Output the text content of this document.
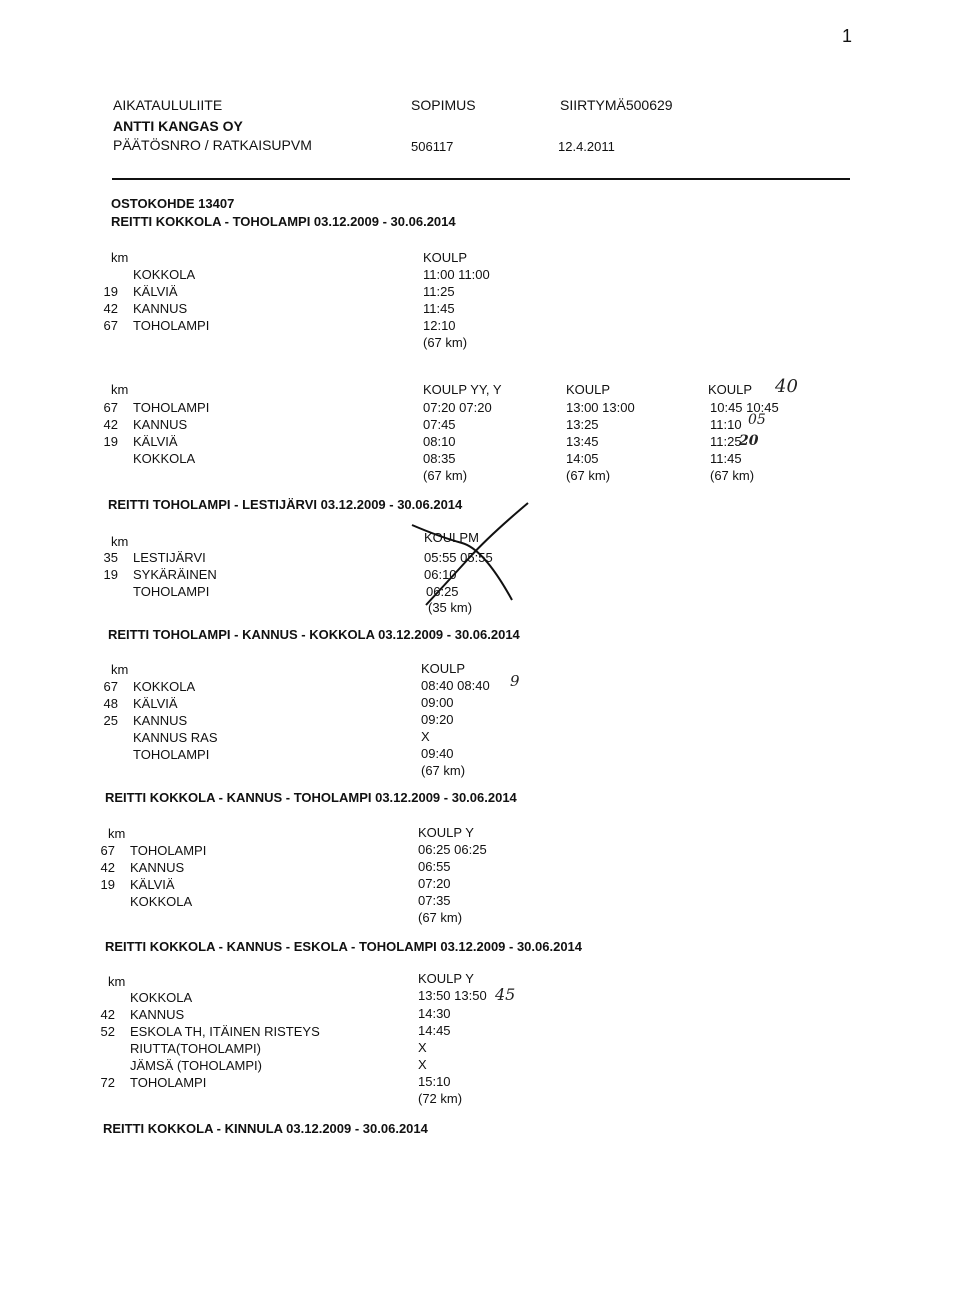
1
AIKATAULULIITE	SOPIMUS	SIIRTYMÄ500629
ANTTI KANGAS OY
PÄÄTÖSNRO / RATKAISUPVM	506117	12.4.2011
OSTOKOHDE 13407
REITTI KOKKOLA - TOHOLAMPI 03.12.2009 - 30.06.2014
km	KOULP
KOKKOLA	11:00 11:00
19 KÄLVIÄ	11:25
42 KANNUS	11:45
67 TOHOLAMPI	12:10
(67 km)
km	KOULP YY, Y	KOULP	KOULP
67 TOHOLAMPI	07:20 07:20	13:00 13:00	10:45 10:45
42 KANNUS	07:45	13:25	11:10
19 KÄLVIÄ	08:10	13:45	11:25
KOKKOLA	08:35	14:05	11:45
(67 km)	(67 km)	(67 km)
40
05
20
REITTI TOHOLAMPI - LESTIJÄRVI 03.12.2009 - 30.06.2014
km	KOULPM
35 LESTIJÄRVI	05:55 05:55
19 SYKÄRÄINEN	06:10
TOHOLAMPI	06:25
(35 km)
REITTI TOHOLAMPI - KANNUS - KOKKOLA 03.12.2009 - 30.06.2014
km	KOULP
67 KOKKOLA	08:40 08:40
48 KÄLVIÄ	09:00
25 KANNUS	09:20
KANNUS RAS	X
TOHOLAMPI	09:40
(67 km)
9
REITTI KOKKOLA - KANNUS - TOHOLAMPI 03.12.2009 - 30.06.2014
km	KOULP Y
67 TOHOLAMPI	06:25 06:25
42 KANNUS	06:55
19 KÄLVIÄ	07:20
KOKKOLA	07:35
(67 km)
REITTI KOKKOLA - KANNUS - ESKOLA - TOHOLAMPI 03.12.2009 - 30.06.2014
km	KOULP Y
KOKKOLA	13:50 13:50
42 KANNUS	14:30
52 ESKOLA TH, ITÄINEN RISTEYS	14:45
RIUTTA(TOHOLAMPI)	X
JÄMSÄ (TOHOLAMPI)	X
72 TOHOLAMPI	15:10
(72 km)
45
REITTI KOKKOLA - KINNULA 03.12.2009 - 30.06.2014
